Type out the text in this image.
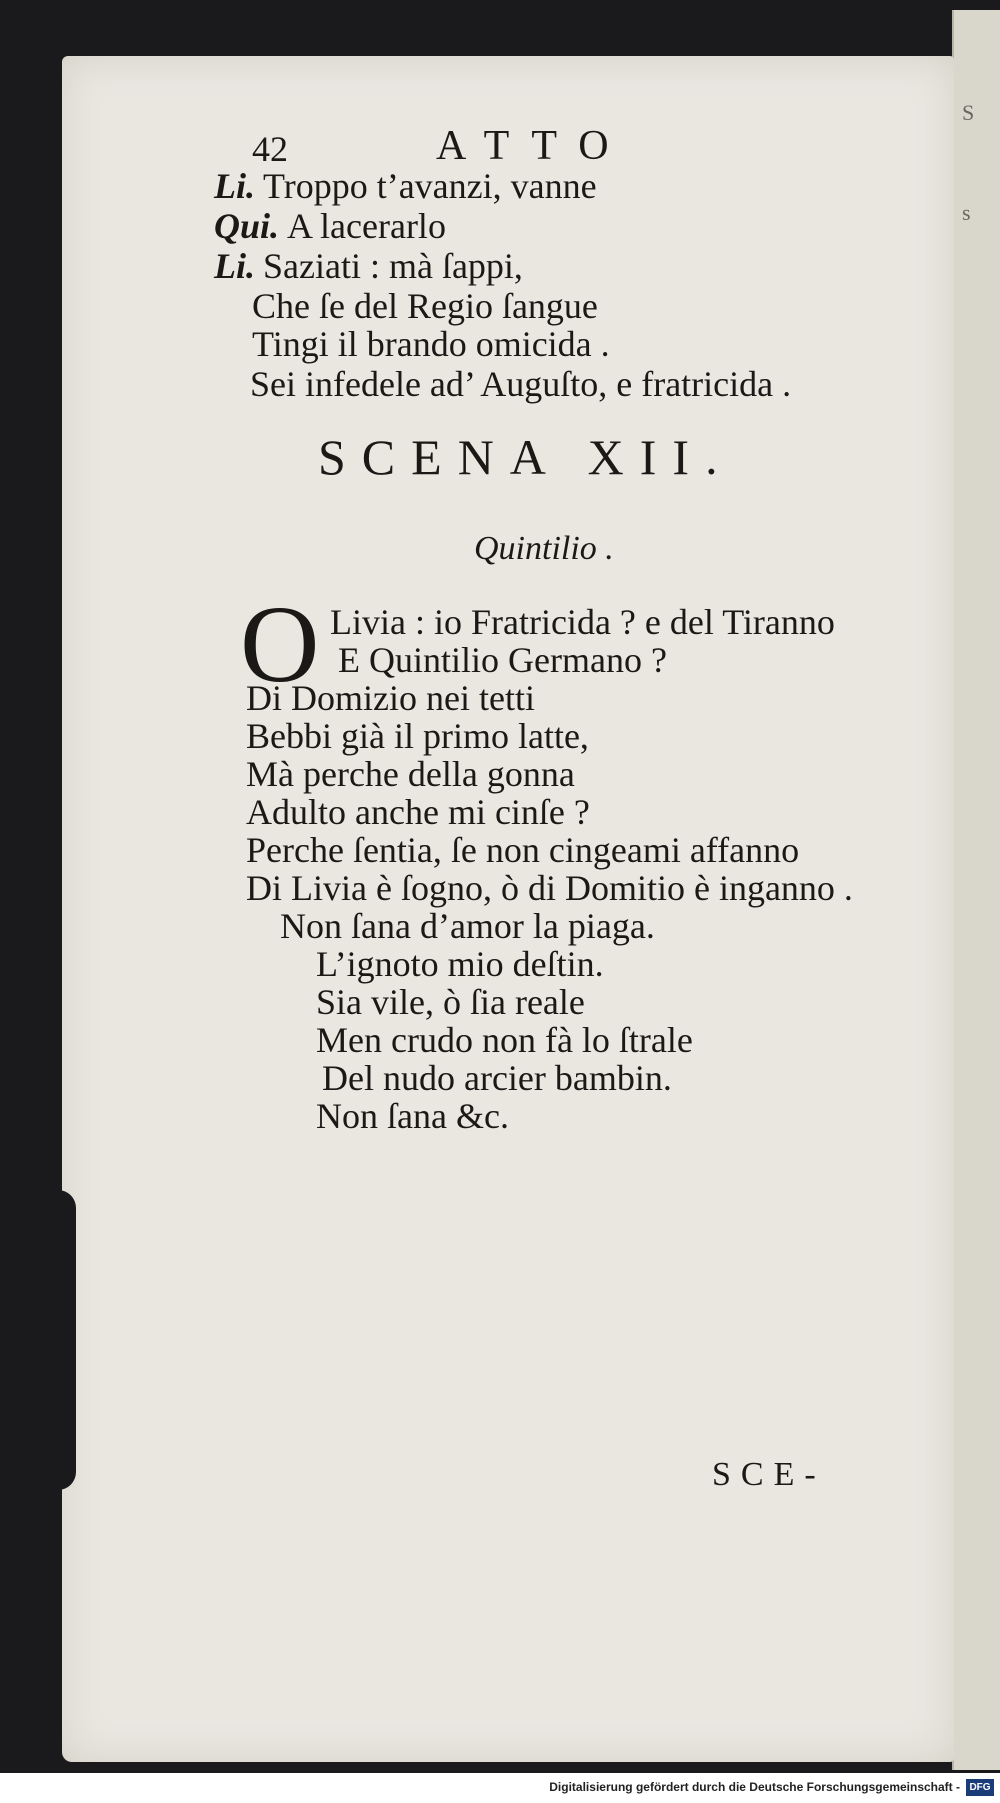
S
s
42	ATTO
Li. Troppo t’avanzi, vanne
Qui. A lacerarlo
Li. Saziati : mà ſappi,
Che ſe del Regio ſangue
Tingi il brando omicida .
Sei infedele ad’ Auguſto, e fratricida .
SCENA XII.
Quintilio .
O Livia : io Fratricida ? e del Tiranno
E Quintilio Germano ?
Di Domizio nei tetti
Bebbi già il primo latte,
Mà perche della gonna
Adulto anche mi cinſe ?
Perche ſentia, ſe non cingeami affanno
Di Livia è ſogno, ò di Domitio è inganno .
Non ſana d’amor la piaga.
L’ignoto mio deſtin.
Sia vile, ò ſia reale
Men crudo non fà lo ſtrale
Del nudo arcier bambin.
Non ſana &c.
SCE-
Digitalisierung gefördert durch die Deutsche Forschungsgemeinschaft - DFG
